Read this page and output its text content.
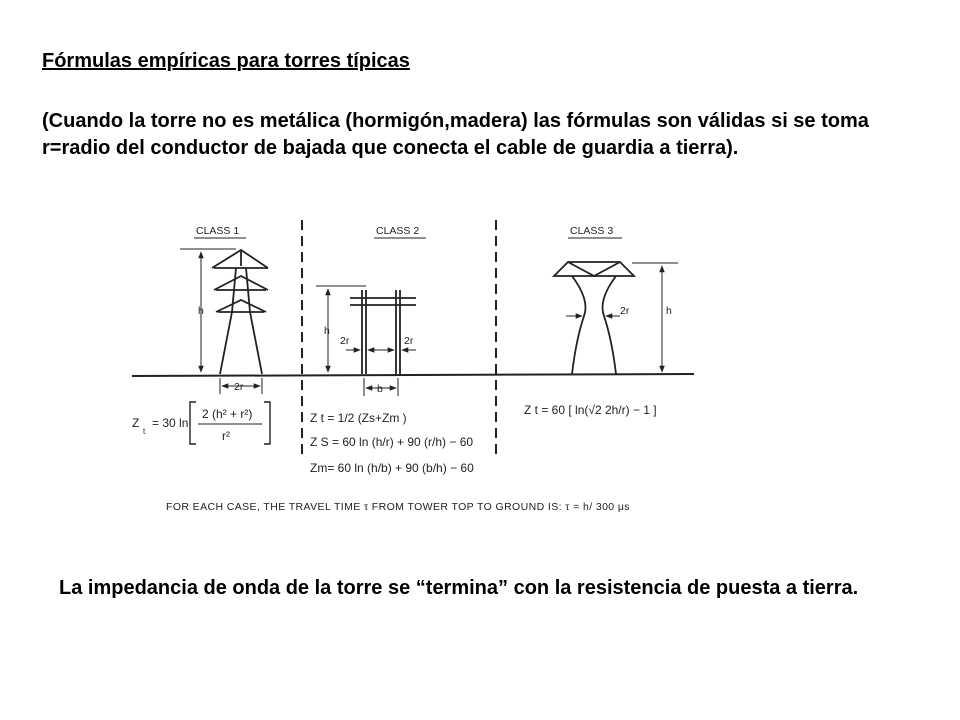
Fórmulas empíricas para torres típicas

(Cuando la torre no es metálica (hormigón,madera) las fórmulas son válidas si se toma r=radio del conductor de bajada que conecta el cable de guardia a tierra).

CLASS 1
h
2r
Z
t
= 30 ln
2 (h² + r²)
r²
CLASS 2
h
2r	2r
b
Z t = 1/2 (Zs+Zm )
Z S = 60 ln (h/r) + 90 (r/h) − 60
Zm= 60 ln (h/b) + 90 (b/h) − 60
CLASS 3
h
2r
Z t = 60 [ ln(√2 2h/r) − 1 ]
FOR EACH CASE, THE TRAVEL TIME τ FROM TOWER TOP TO GROUND IS: τ = h/ 300 μs

La impedancia de onda de la torre se “termina” con la resistencia de puesta a tierra.
